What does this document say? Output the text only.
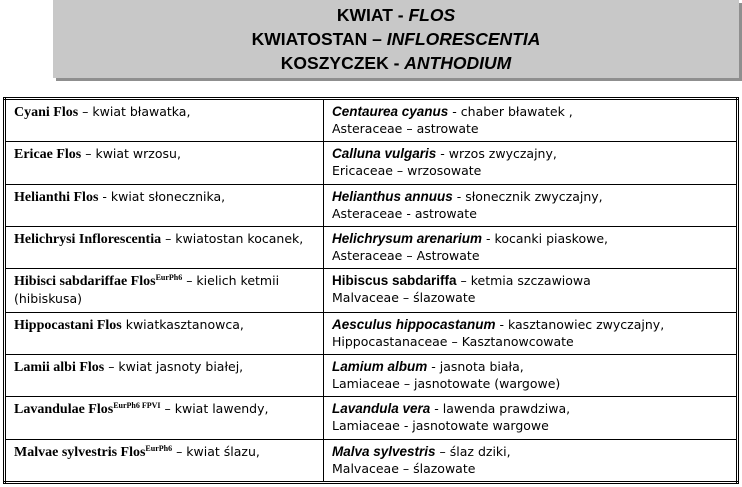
KWIAT - FLOS
KWIATOSTAN – INFLORESCENTIA
KOSZYCZEK - ANTHODIUM
Cyani Flos – kwiat bławatka,	Centaurea cyanus - chaber bławatek ,
Asteraceae – astrowate
Ericae Flos – kwiat wrzosu,	Calluna vulgaris - wrzos zwyczajny,
Ericaceae – wrzosowate
Helianthi Flos - kwiat słonecznika,	Helianthus annuus - słonecznik zwyczajny,
Asteraceae - astrowate
Helichrysi Inflorescentia – kwiatostan kocanek,	Helichrysum arenarium - kocanki piaskowe,
Asteraceae – Astrowate
Hibisci sabdariffae Flos$^{EurPh6}$ – kielich ketmii (hibiskusa)	Hibiscus sabdariffa – ketmia szczawiowa
Malvaceae – ślazowate
Hippocastani Flos kwiatkasztanowca,	Aesculus hippocastanum - kasztanowiec zwyczajny,
Hippocastanaceae – Kasztanowcowate
Lamii albi Flos – kwiat jasnoty białej,	Lamium album - jasnota biała,
Lamiaceae – jasnotowate (wargowe)
Lavandulae Flos$^{EurPh6 FPVI}$ – kwiat lawendy,	Lavandula vera - lawenda prawdziwa,
Lamiaceae - jasnotowate wargowe
Malvae sylvestris Flos$^{EurPh6}$ – kwiat ślazu,	Malva sylvestris – ślaz dziki,
Malvaceae – ślazowate
